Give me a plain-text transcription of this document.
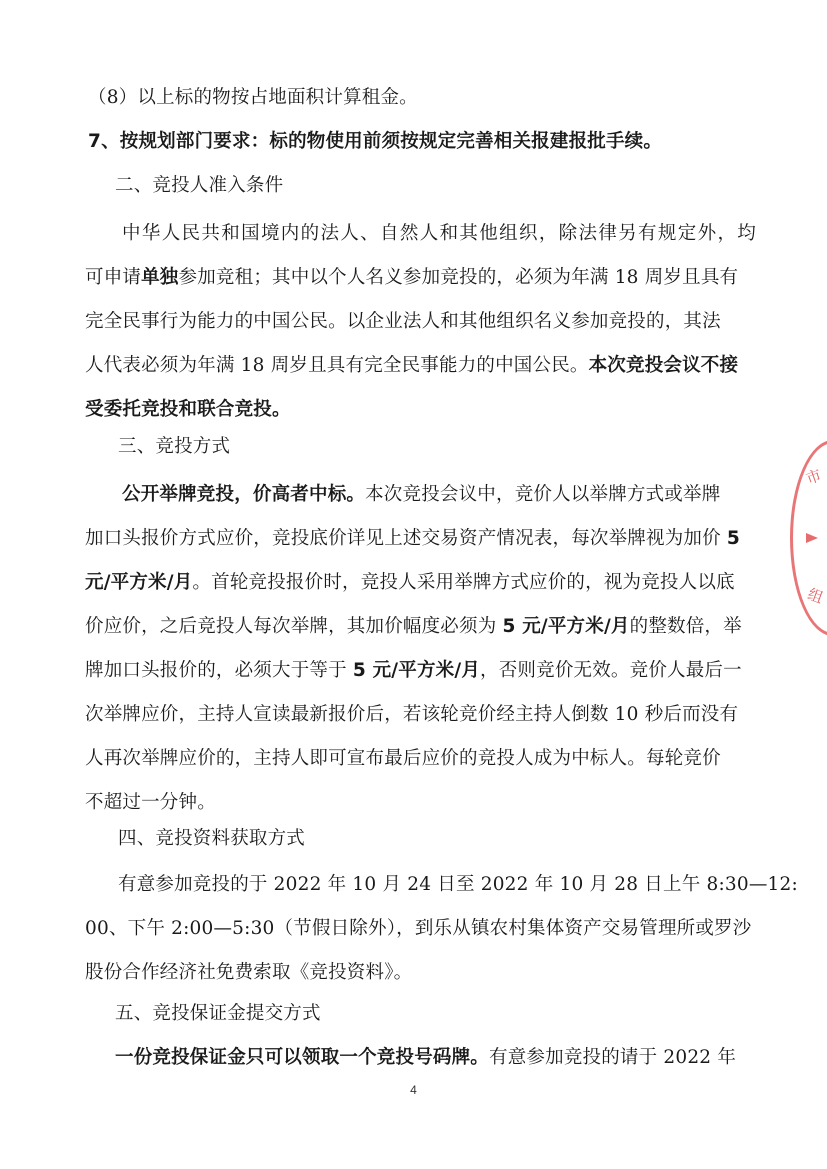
（8）以上标的物按占地面积计算租金。
7、按规划部门要求：标的物使用前须按规定完善相关报建报批手续。
二、竞投人准入条件
中华人民共和国境内的法人、自然人和其他组织，除法律另有规定外，均
可申请单独参加竞租；其中以个人名义参加竞投的，必须为年满 18 周岁且具有
完全民事行为能力的中国公民。以企业法人和其他组织名义参加竞投的，其法
人代表必须为年满 18 周岁且具有完全民事能力的中国公民。本次竞投会议不接
受委托竞投和联合竞投。
三、竞投方式
公开举牌竞投，价高者中标。本次竞投会议中，竞价人以举牌方式或举牌
加口头报价方式应价，竞投底价详见上述交易资产情况表，每次举牌视为加价 5
元/平方米/月。首轮竞投报价时，竞投人采用举牌方式应价的，视为竞投人以底
价应价，之后竞投人每次举牌，其加价幅度必须为 5 元/平方米/月的整数倍，举
牌加口头报价的，必须大于等于 5 元/平方米/月，否则竞价无效。竞价人最后一
次举牌应价，主持人宣读最新报价后，若该轮竞价经主持人倒数 10 秒后而没有
人再次举牌应价的，主持人即可宣布最后应价的竞投人成为中标人。每轮竞价
不超过一分钟。
四、竞投资料获取方式
有意参加竞投的于 2022 年 10 月 24 日至 2022 年 10 月 28 日上午 8:30—12:
00、下午 2:00—5:30（节假日除外），到乐从镇农村集体资产交易管理所或罗沙
股份合作经济社免费索取《竞投资料》。
五、竞投保证金提交方式
一份竞投保证金只可以领取一个竞投号码牌。有意参加竞投的请于 2022 年
4
市
组
